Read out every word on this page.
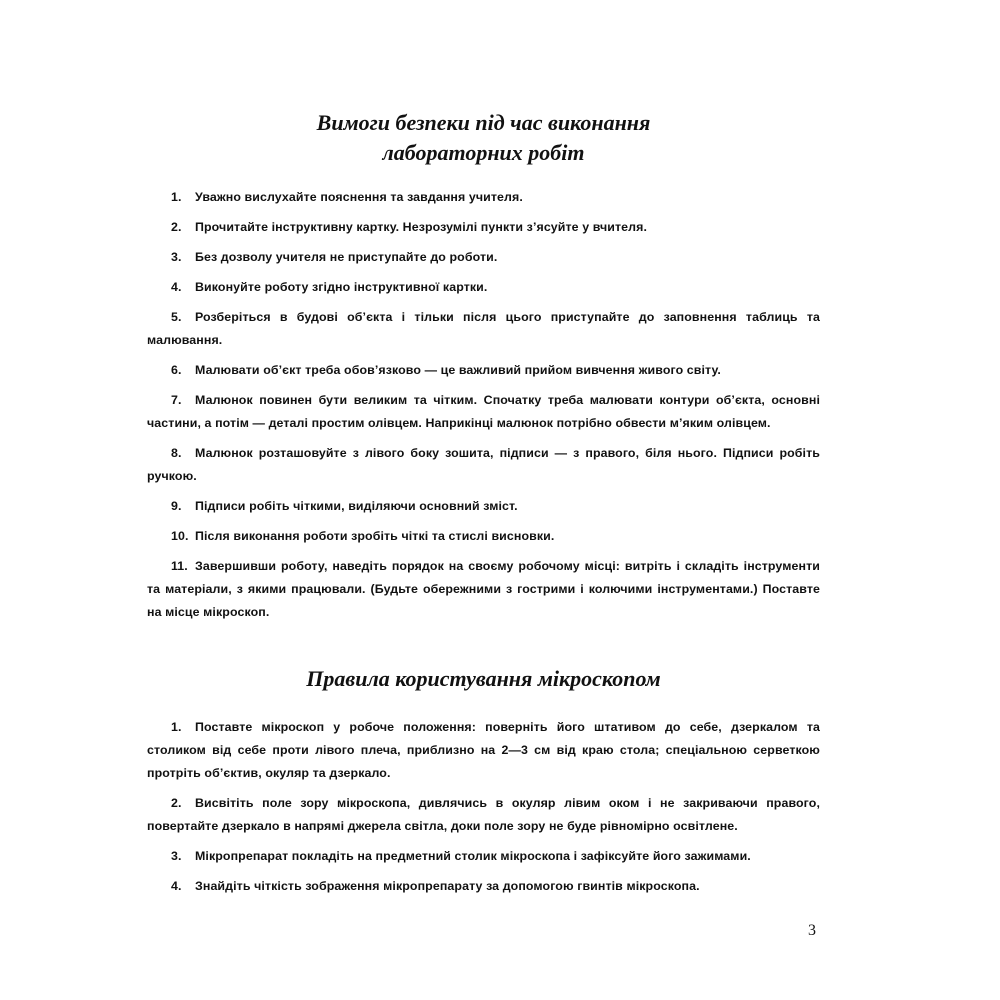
Вимоги безпеки під час виконання
лабораторних робіт

1. Уважно вислухайте пояснення та завдання учителя.

2. Прочитайте інструктивну картку. Незрозумілі пункти з’ясуйте у вчителя.

3. Без дозволу учителя не приступайте до роботи.

4. Виконуйте роботу згідно інструктивної картки.

5. Розберіться в будові об’єкта і тільки після цього приступайте до заповнення таблиць та малювання.

6. Малювати об’єкт треба обов’язково — це важливий прийом вивчення живого світу.

7. Малюнок повинен бути великим та чітким. Спочатку треба малювати контури об’єкта, основні частини, а потім — деталі простим олівцем. Наприкінці малюнок потрібно обвести м’яким олівцем.

8. Малюнок розташовуйте з лівого боку зошита, підписи — з правого, біля нього. Підписи робіть ручкою.

9. Підписи робіть чіткими, виділяючи основний зміст.

10. Після виконання роботи зробіть чіткі та стислі висновки.

11. Завершивши роботу, наведіть порядок на своєму робочому місці: витріть і складіть інструменти та матеріали, з якими працювали. (Будьте обережними з гострими і колючими інструментами.) Поставте на місце мікроскоп.

Правила користування мікроскопом

1. Поставте мікроскоп у робоче положення: поверніть його штативом до себе, дзеркалом та столиком від себе проти лівого плеча, приблизно на 2—3 см від краю стола; спеціальною серветкою протріть об’єктив, окуляр та дзеркало.

2. Висвітіть поле зору мікроскопа, дивлячись в окуляр лівим оком і не закриваючи правого, повертайте дзеркало в напрямі джерела світла, доки поле зору не буде рівномірно освітлене.

3. Мікропрепарат покладіть на предметний столик мікроскопа і зафіксуйте його зажимами.

4. Знайдіть чіткість зображення мікропрепарату за допомогою гвинтів мікроскопа.

3
